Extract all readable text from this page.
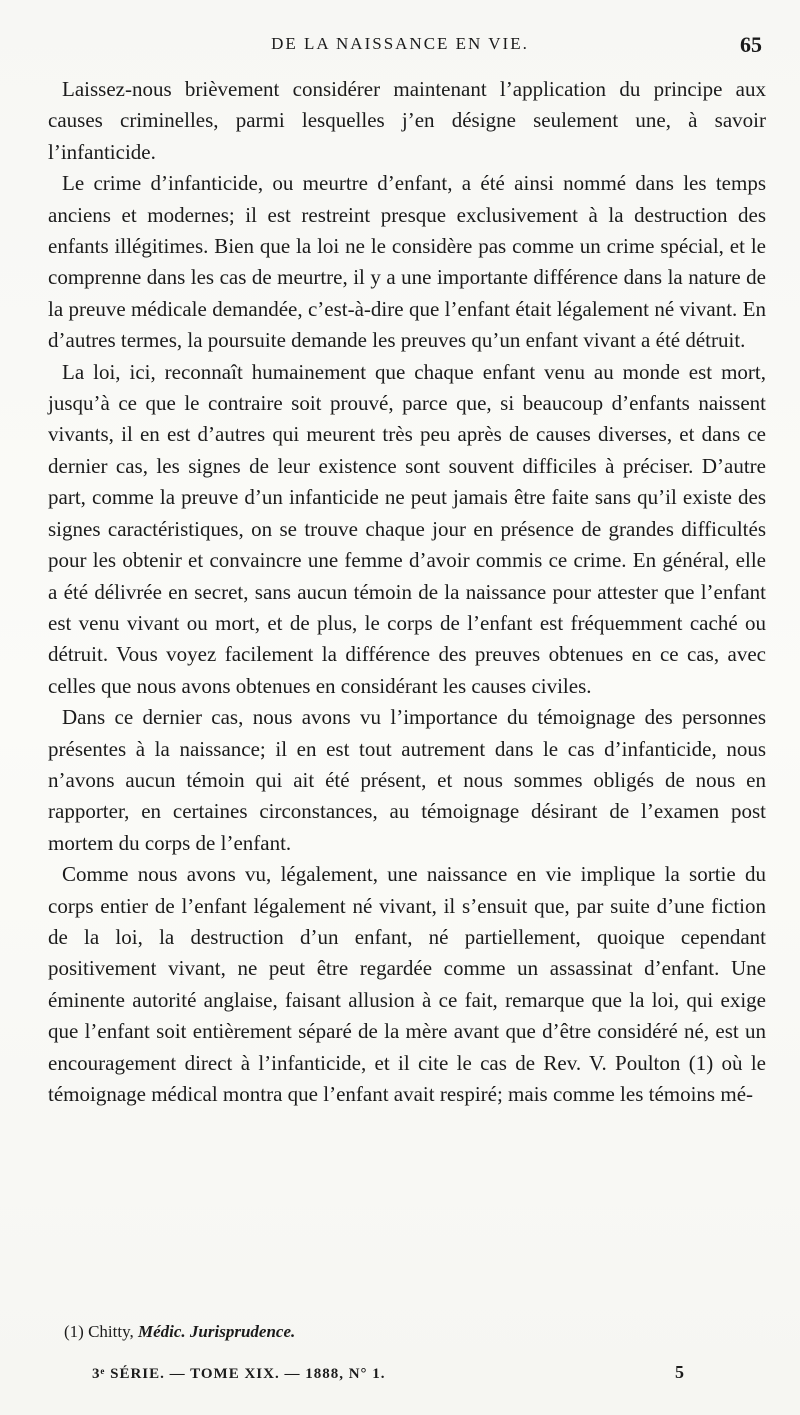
DE LA NAISSANCE EN VIE.	65

Laissez-nous brièvement considérer maintenant l’application du principe aux causes criminelles, parmi lesquelles j’en désigne seulement une, à savoir l’infanticide.

Le crime d’infanticide, ou meurtre d’enfant, a été ainsi nommé dans les temps anciens et modernes; il est restreint presque exclusivement à la destruction des enfants illégitimes. Bien que la loi ne le considère pas comme un crime spécial, et le comprenne dans les cas de meurtre, il y a une importante différence dans la nature de la preuve médicale demandée, c’est-à-dire que l’enfant était légalement né vivant. En d’autres termes, la poursuite demande les preuves qu’un enfant vivant a été détruit.

La loi, ici, reconnaît humainement que chaque enfant venu au monde est mort, jusqu’à ce que le contraire soit prouvé, parce que, si beaucoup d’enfants naissent vivants, il en est d’autres qui meurent très peu après de causes diverses, et dans ce dernier cas, les signes de leur existence sont souvent difficiles à préciser. D’autre part, comme la preuve d’un infanticide ne peut jamais être faite sans qu’il existe des signes caractéristiques, on se trouve chaque jour en présence de grandes difficultés pour les obtenir et convaincre une femme d’avoir commis ce crime. En général, elle a été délivrée en secret, sans aucun témoin de la naissance pour attester que l’enfant est venu vivant ou mort, et de plus, le corps de l’enfant est fréquemment caché ou détruit. Vous voyez facilement la différence des preuves obtenues en ce cas, avec celles que nous avons obtenues en considérant les causes civiles.

Dans ce dernier cas, nous avons vu l’importance du témoignage des personnes présentes à la naissance; il en est tout autrement dans le cas d’infanticide, nous n’avons aucun témoin qui ait été présent, et nous sommes obligés de nous en rapporter, en certaines circonstances, au témoignage désirant de l’examen post mortem du corps de l’enfant.

Comme nous avons vu, légalement, une naissance en vie implique la sortie du corps entier de l’enfant légalement né vivant, il s’ensuit que, par suite d’une fiction de la loi, la destruction d’un enfant, né partiellement, quoique cependant positivement vivant, ne peut être regardée comme un assassinat d’enfant. Une éminente autorité anglaise, faisant allusion à ce fait, remarque que la loi, qui exige que l’enfant soit entièrement séparé de la mère avant que d’être considéré né, est un encouragement direct à l’infanticide, et il cite le cas de Rev. V. Poulton (1) où le témoignage médical montra que l’enfant avait respiré; mais comme les témoins mé-

(1) Chitty, Médic. Jurisprudence.
3ᵉ SÉRIE. — TOME XIX. — 1888, N° 1.	5
